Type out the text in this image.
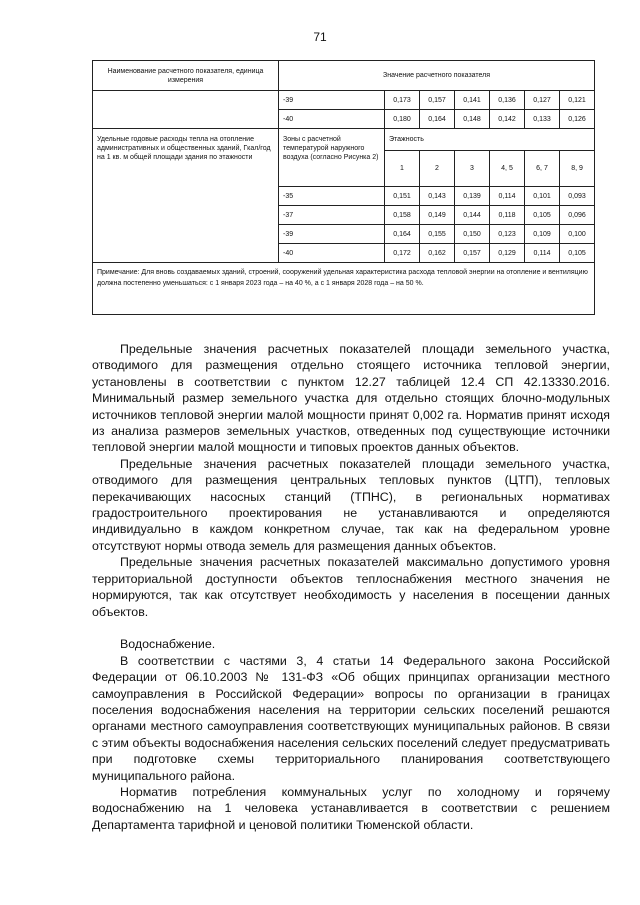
71
Наименование расчетного показателя, единица измерения	Значение расчетного показателя						
	-39	0,173	0,157	0,141	0,136	0,127	0,121
	-40	0,180	0,164	0,148	0,142	0,133	0,126
Удельные годовые расходы тепла на отопление административных и общественных зданий, Гкал/год на 1 кв. м общей площади здания по этажности	Зоны с расчетной температурой наружного воздуха (согласно Рисунка 2)	Этажность					
		1	2	3	4, 5	6, 7	8, 9
	-35	0,151	0,143	0,139	0,114	0,101	0,093
	-37	0,158	0,149	0,144	0,118	0,105	0,096
	-39	0,164	0,155	0,150	0,123	0,109	0,100
	-40	0,172	0,162	0,157	0,129	0,114	0,105
Примечание: Для вновь создаваемых зданий, строений, сооружений удельная характеристика расхода тепловой энергии на отопление и вентиляцию должна постепенно уменьшаться: с 1 января 2023 года – на 40 %, а с 1 января 2028 года – на 50 %.							

Предельные значения расчетных показателей площади земельного участка, отводимого для размещения отдельно стоящего источника тепловой энергии, установлены в соответствии с пунктом 12.27 таблицей 12.4 СП 42.13330.2016. Минимальный размер земельного участка для отдельно стоящих блочно-модульных источников тепловой энергии малой мощности принят 0,002 га. Норматив принят исходя из анализа размеров земельных участков, отведенных под существующие источники тепловой энергии малой мощности и типовых проектов данных объектов.

Предельные значения расчетных показателей площади земельного участка, отводимого для размещения центральных тепловых пунктов (ЦТП), тепловых перекачивающих насосных станций (ТПНС), в региональных нормативах градостроительного проектирования не устанавливаются и определяются индивидуально в каждом конкретном случае, так как на федеральном уровне отсутствуют нормы отвода земель для размещения данных объектов.

Предельные значения расчетных показателей максимально допустимого уровня территориальной доступности объектов теплоснабжения местного значения не нормируются, так как отсутствует необходимость у населения в посещении данных объектов.

Водоснабжение.

В соответствии с частями 3, 4 статьи 14 Федерального закона Российской Федерации от 06.10.2003 № 131-ФЗ «Об общих принципах организации местного самоуправления в Российской Федерации» вопросы по организации в границах поселения водоснабжения населения на территории сельских поселений решаются органами местного самоуправления соответствующих муниципальных районов. В связи с этим объекты водоснабжения населения сельских поселений следует предусматривать при подготовке схемы территориального планирования соответствующего муниципального района.

Норматив потребления коммунальных услуг по холодному и горячему водоснабжению на 1 человека устанавливается в соответствии с решением Департамента тарифной и ценовой политики Тюменской области.
